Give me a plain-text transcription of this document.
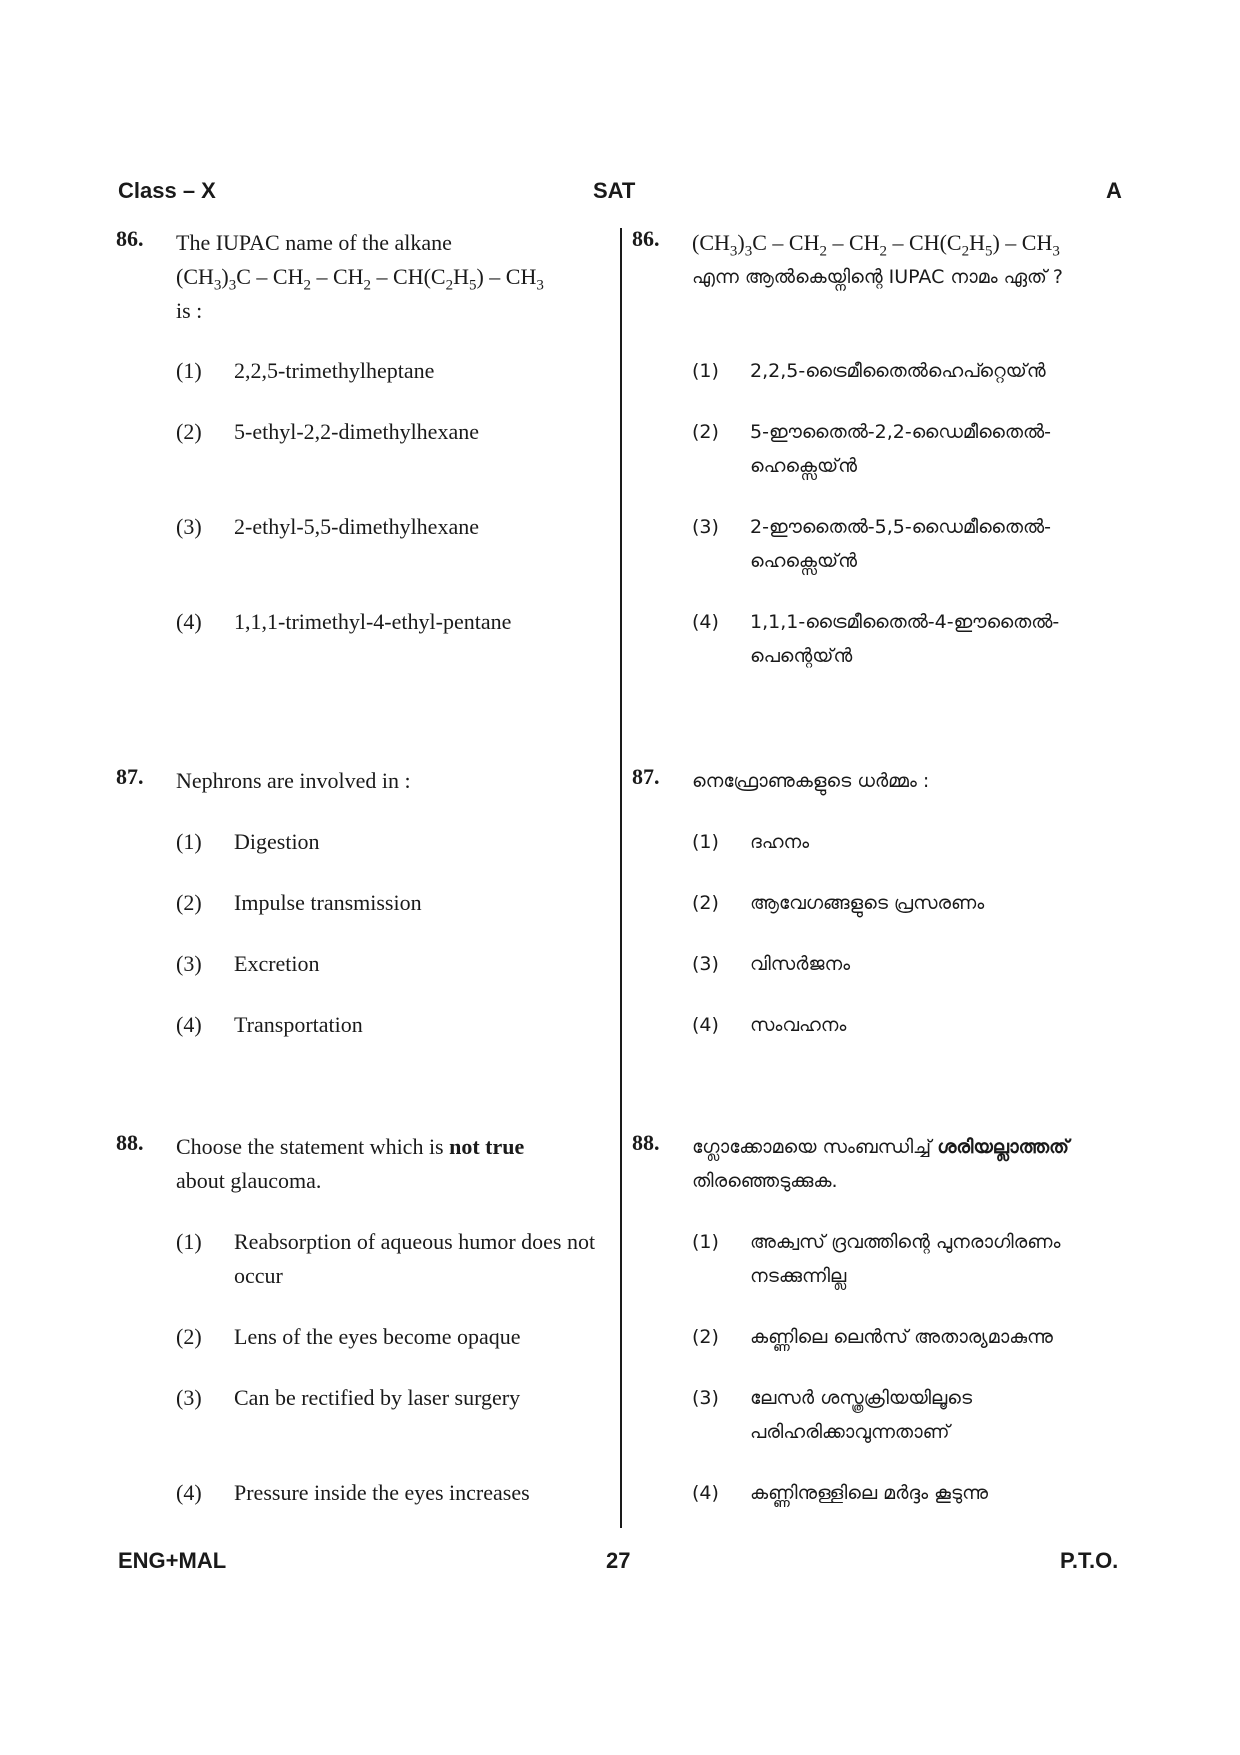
Class – X	SAT	A
86. The IUPAC name of the alkane
$(CH_3)_3C - CH_2 - CH_2 - CH(C_2H_5) - CH_3$
is :
(1) 2,2,5-trimethylheptane
(2) 5-ethyl-2,2-dimethylhexane
(3) 2-ethyl-5,5-dimethylhexane
(4) 1,1,1-trimethyl-4-ethyl-pentane
87. Nephrons are involved in :
(1) Digestion
(2) Impulse transmission
(3) Excretion
(4) Transportation
88. Choose the statement which is not true
about glaucoma.
(1) Reabsorption of aqueous humor does not occur
(2) Lens of the eyes become opaque
(3) Can be rectified by laser surgery
(4) Pressure inside the eyes increases
86. $(CH_3)_3C - CH_2 - CH_2 - CH(C_2H_5) - CH_3$
എന്ന ആൽകെയ്നിന്റെ IUPAC നാമം ഏത് ?
(1) 2,2,5-ട്രൈമീതൈൽഹെപ്റ്റെയ്ൻ
(2) 5-ഈതൈൽ-2,2-ഡൈമീതൈൽ-ഹെക്സെയ്ൻ
(3) 2-ഈതൈൽ-5,5-ഡൈമീതൈൽ-ഹെക്സെയ്ൻ
(4) 1,1,1-ട്രൈമീതൈൽ-4-ഈതൈൽ-പെന്റെയ്ൻ
87. നെഫ്രോണുകളുടെ ധർമ്മം :
(1) ദഹനം
(2) ആവേഗങ്ങളുടെ പ്രസരണം
(3) വിസർജനം
(4) സംവഹനം
88. ഗ്ലോക്കോമയെ സംബന്ധിച്ച് ശരിയല്ലാത്തത് തിരഞ്ഞെടുക്കുക.
(1) അക്വസ് ദ്രവത്തിന്റെ പുനരാഗിരണം നടക്കുന്നില്ല
(2) കണ്ണിലെ ലെൻസ് അതാര്യമാകുന്നു
(3) ലേസർ ശസ്ത്രക്രിയയിലൂടെ പരിഹരിക്കാവുന്നതാണ്
(4) കണ്ണിനുള്ളിലെ മർദ്ദം കൂടുന്നു
ENG+MAL	27	P.T.O.
